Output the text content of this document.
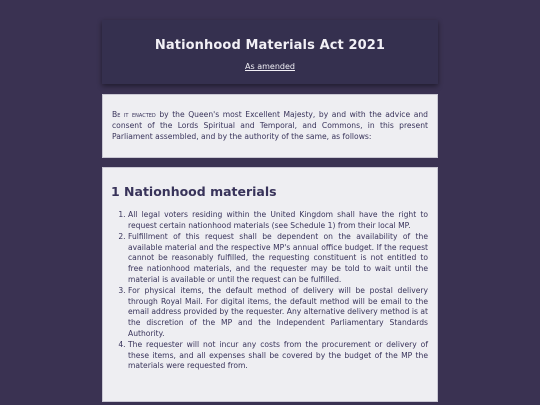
Nationhood Materials Act 2021
As amended
Be it enacted by the Queen's most Excellent Majesty, by and with the advice and consent of the Lords Spiritual and Temporal, and Commons, in this present Parliament assembled, and by the authority of the same, as follows:
1 Nationhood materials
1. All legal voters residing within the United Kingdom shall have the right to request certain nationhood materials (see Schedule 1) from their local MP.
2. Fulfillment of this request shall be dependent on the availability of the available material and the respective MP's annual office budget. If the request cannot be reasonably fulfilled, the requesting constituent is not entitled to free nationhood materials, and the requester may be told to wait until the material is available or until the request can be fulfilled.
3. For physical items, the default method of delivery will be postal delivery through Royal Mail. For digital items, the default method will be email to the email address provided by the requester. Any alternative delivery method is at the discretion of the MP and the Independent Parliamentary Standards Authority.
4. The requester will not incur any costs from the procurement or delivery of these items, and all expenses shall be covered by the budget of the MP the materials were requested from.
